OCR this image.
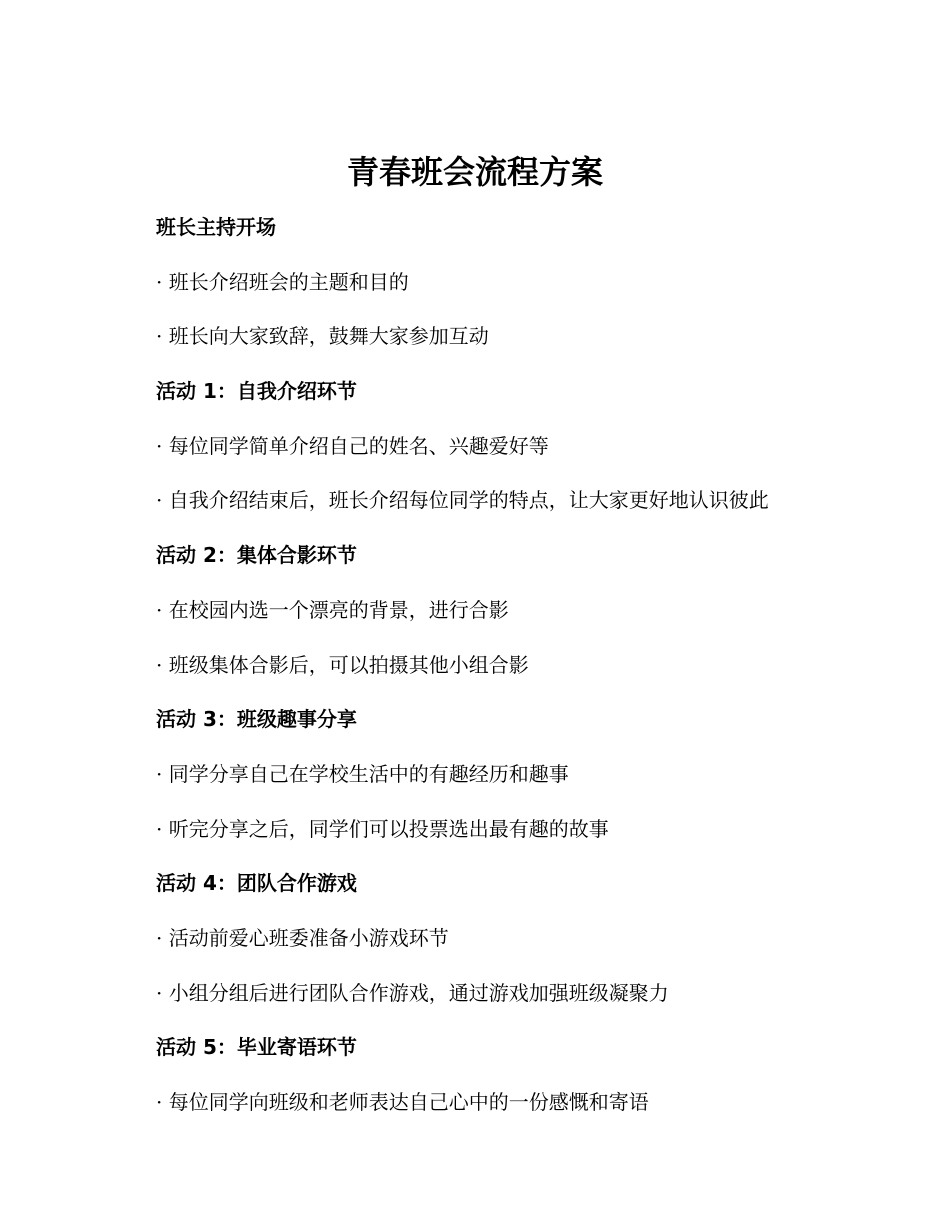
青春班会流程方案

班长主持开场

· 班长介绍班会的主题和目的

· 班长向大家致辞，鼓舞大家参加互动

活动 1：自我介绍环节

· 每位同学简单介绍自己的姓名、兴趣爱好等

· 自我介绍结束后，班长介绍每位同学的特点，让大家更好地认识彼此

活动 2：集体合影环节

· 在校园内选一个漂亮的背景，进行合影

· 班级集体合影后，可以拍摄其他小组合影

活动 3：班级趣事分享

· 同学分享自己在学校生活中的有趣经历和趣事

· 听完分享之后，同学们可以投票选出最有趣的故事

活动 4：团队合作游戏

· 活动前爱心班委准备小游戏环节

· 小组分组后进行团队合作游戏，通过游戏加强班级凝聚力

活动 5：毕业寄语环节

· 每位同学向班级和老师表达自己心中的一份感慨和寄语
